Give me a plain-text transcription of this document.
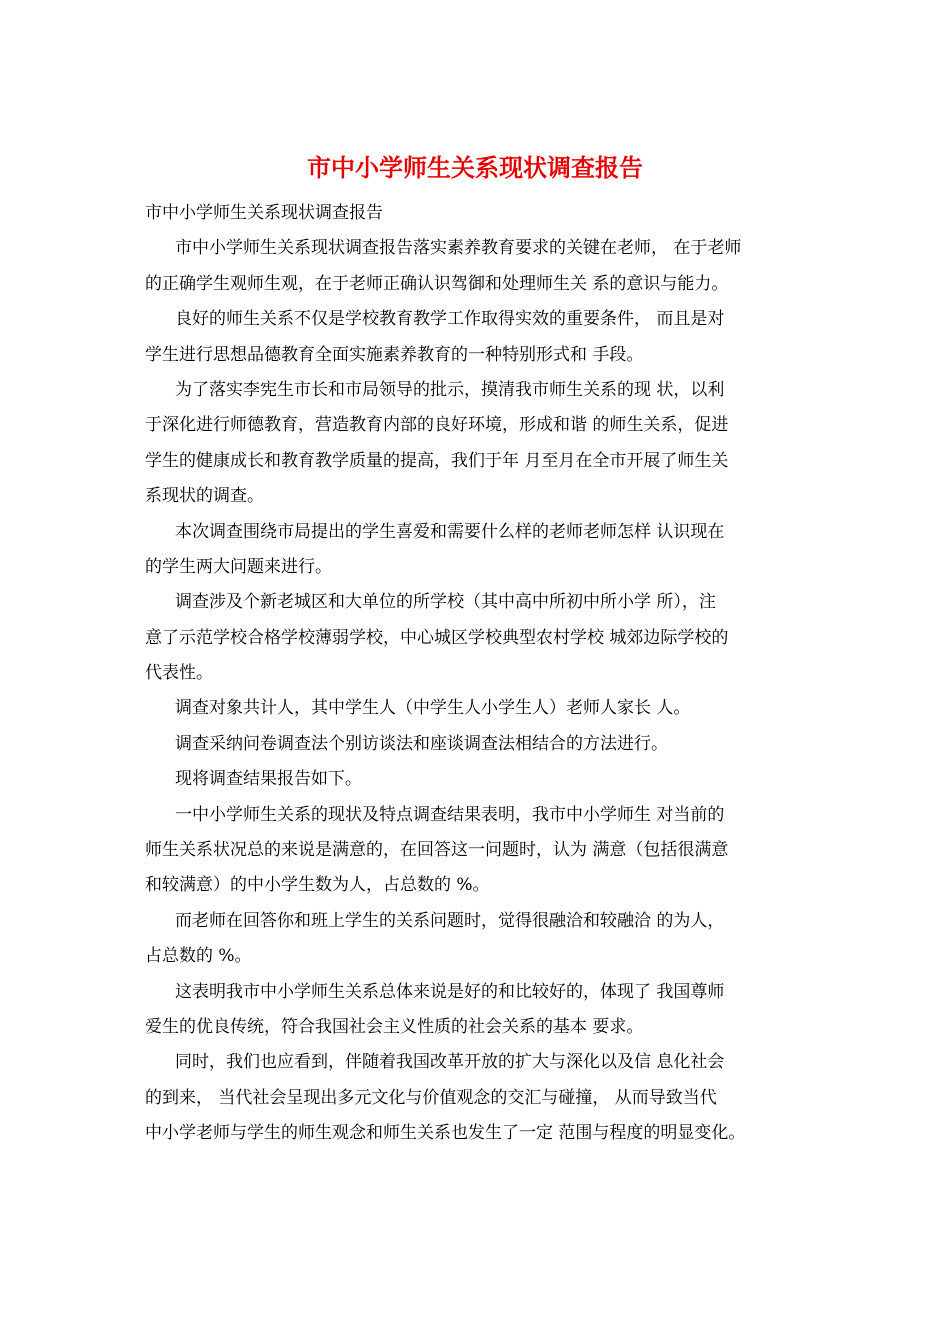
市中小学师生关系现状调查报告
市中小学师生关系现状调查报告
市中小学师生关系现状调查报告落实素养教育要求的关键在老师， 在于老师
的正确学生观师生观，在于老师正确认识驾御和处理师生关 系的意识与能力。
良好的师生关系不仅是学校教育教学工作取得实效的重要条件， 而且是对
学生进行思想品德教育全面实施素养教育的一种特别形式和 手段。
为了落实李宪生市长和市局领导的批示，摸清我市师生关系的现 状，以利
于深化进行师德教育，营造教育内部的良好环境，形成和谐 的师生关系，促进
学生的健康成长和教育教学质量的提高，我们于年 月至月在全市开展了师生关
系现状的调查。
本次调查围绕市局提出的学生喜爱和需要什么样的老师老师怎样 认识现在
的学生两大问题来进行。
调查涉及个新老城区和大单位的所学校（其中高中所初中所小学 所），注
意了示范学校合格学校薄弱学校，中心城区学校典型农村学校 城郊边际学校的
代表性。
调查对象共计人，其中学生人（中学生人小学生人）老师人家长 人。
调查采纳问卷调查法个别访谈法和座谈调查法相结合的方法进行。
现将调查结果报告如下。
一中小学师生关系的现状及特点调查结果表明，我市中小学师生 对当前的
师生关系状况总的来说是满意的，在回答这一问题时，认为 满意（包括很满意
和较满意）的中小学生数为人，占总数的 %。
而老师在回答你和班上学生的关系问题时，觉得很融洽和较融洽 的为人，
占总数的 %。
这表明我市中小学师生关系总体来说是好的和比较好的，体现了 我国尊师
爱生的优良传统，符合我国社会主义性质的社会关系的基本 要求。
同时，我们也应看到，伴随着我国改革开放的扩大与深化以及信 息化社会
的到来， 当代社会呈现出多元文化与价值观念的交汇与碰撞， 从而导致当代
中小学老师与学生的师生观念和师生关系也发生了一定 范围与程度的明显变化。
